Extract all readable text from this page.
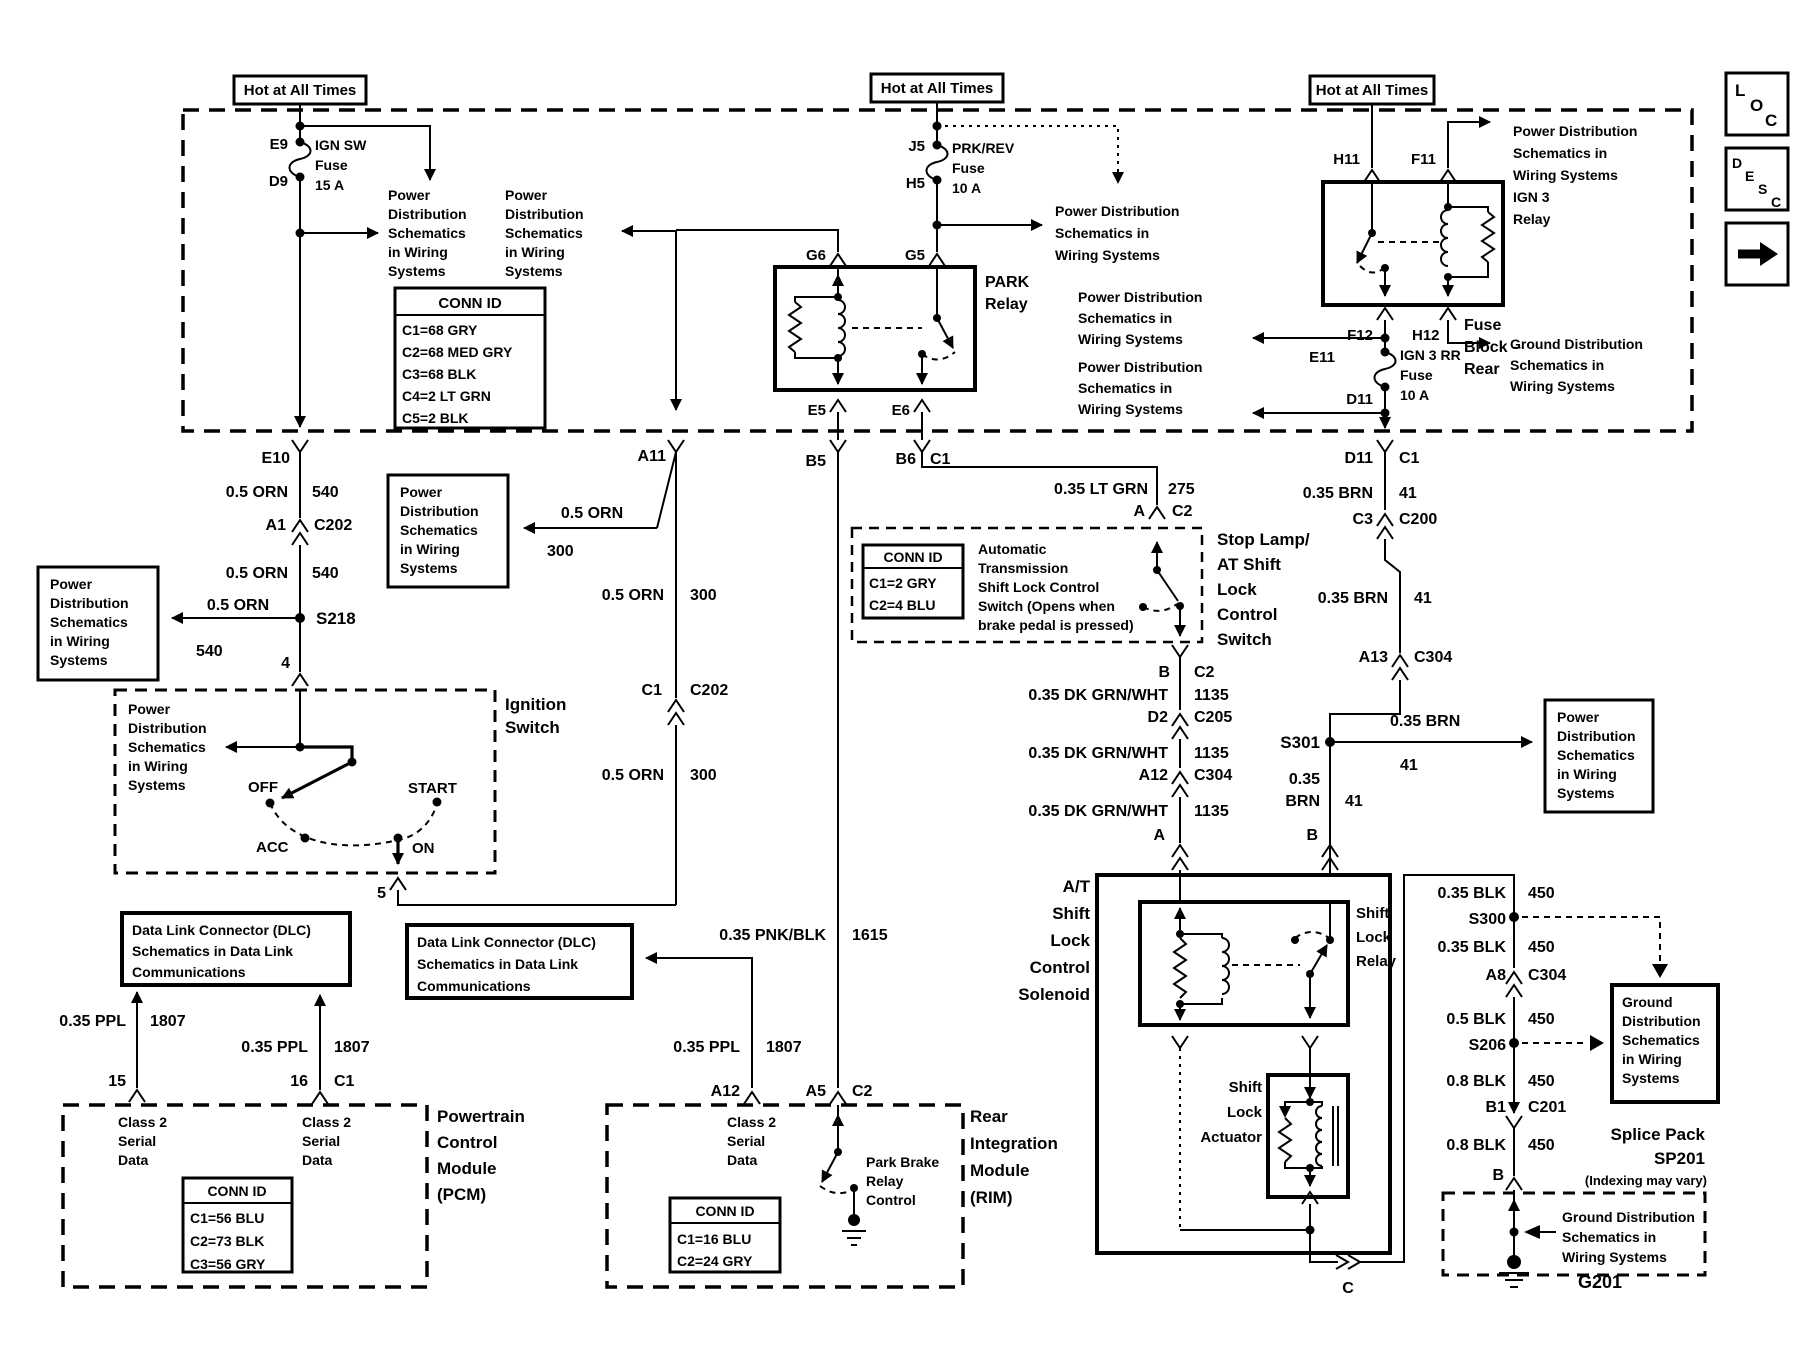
Fuse
Block –
Rear
Hot at All Times	Hot at All Times	Hot at All Times
E9
D9
IGN SW
Fuse
15 A
Power
Distribution
Schematics
in Wiring
Systems
Power
Distribution
Schematics
in Wiring
Systems
CONN ID
C1=68 GRY
C2=68 MED GRY
C3=68 BLK
C4=2 LT GRN
C5=2 BLK
E10
0.5 ORN 540
A1 C202
0.5 ORN 540
S218
0.5 ORN
540
4
Power
Distribution
Schematics
in Wiring
Systems
Ignition
Switch
Power
Distribution
Schematics
in Wiring
Systems	OFF
ACC	ON
START
5
A11
0.5 ORN
300
0.5 ORN 300
C1 C202
0.5 ORN 300
Power
Distribution
Schematics
in Wiring
Systems
J5
H5
PRK/REV
Fuse
10 A
Power Distribution
Schematics in
Wiring Systems
G6	G5
PARK
Relay
E5	E6
B5	B6 C1
0.35 LT GRN 275
A C2
CONN ID
C1=2 GRY
C2=4 BLU
Automatic
Transmission
Shift Lock Control
Switch (Opens when
brake pedal is pressed)
Stop Lamp/
AT Shift
Lock
Control
Switch
B C2
0.35 DK GRN/WHT 1135
D2 C205
0.35 DK GRN/WHT 1135
A12 C304
0.35 DK GRN/WHT 1135
A
H11	F11
Power Distribution
Schematics in
Wiring Systems
IGN 3
Relay
F12	H12	Ground Distribution
Schematics in
Wiring Systems
E11
D11
IGN 3 RR
Fuse
10 A
Power Distribution
Schematics in
Wiring Systems
Power Distribution
Schematics in
Wiring Systems
D11 C1
0.35 BRN 41
C3 C200
0.35 BRN 41
A13 C304
S301
0.35 BRN
41
0.35
BRN 41
B
Power
Distribution
Schematics
in Wiring
Systems
A/T
Shift
Lock
Control
Solenoid
Shift
Lock
Relay
Shift
Lock
Actuator
C
0.35 BLK 450
S300
0.35 BLK 450
A8 C304
0.5 BLK 450
S206
0.8 BLK 450
B1 C201
0.8 BLK 450
B
Splice Pack
SP201
(Indexing may vary)
Ground
Distribution
Schematics
in Wiring
Systems
Ground Distribution
Schematics in
Wiring Systems
G201
Data Link Connector (DLC)
Schematics in Data Link
Communications
0.35 PPL 1807
15
0.35 PPL 1807
16 C1
Class 2
Serial
Data
Class 2
Serial
Data
CONN ID
C1=56 BLU
C2=73 BLK
C3=56 GRY
Powertrain
Control
Module
(PCM)
Data Link Connector (DLC)
Schematics in Data Link
Communications
0.35 PNK/BLK 1615
0.35 PPL 1807
A12	A5 C2
Class 2
Serial
Data	Park Brake
Relay
Control
CONN ID
C1=16 BLU
C2=24 GRY
Rear
Integration
Module
(RIM)
L
O
C
D
E
S
C
